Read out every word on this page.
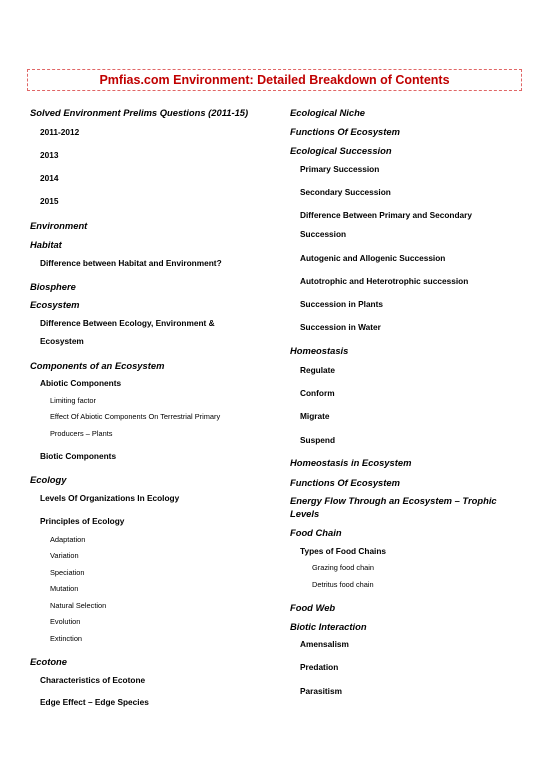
Pmfias.com Environment: Detailed Breakdown of Contents
Solved Environment Prelims Questions (2011-15)
2011-2012
2013
2014
2015
Environment
Habitat
Difference between Habitat and Environment?
Biosphere
Ecosystem
Difference Between Ecology, Environment &
Ecosystem
Components of an Ecosystem
Abiotic Components
Limiting factor
Effect Of Abiotic Components On Terrestrial Primary
Producers – Plants
Biotic Components
Ecology
Levels Of Organizations In Ecology
Principles of Ecology
Adaptation
Variation
Speciation
Mutation
Natural Selection
Evolution
Extinction
Ecotone
Characteristics of Ecotone
Edge Effect – Edge Species
Ecological Niche
Functions Of Ecosystem
Ecological Succession
Primary Succession
Secondary Succession
Difference Between Primary and Secondary
Succession
Autogenic and Allogenic Succession
Autotrophic and Heterotrophic succession
Succession in Plants
Succession in Water
Homeostasis
Regulate
Conform
Migrate
Suspend
Homeostasis in Ecosystem
Functions Of Ecosystem
Energy Flow Through an Ecosystem – Trophic
Levels
Food Chain
Types of Food Chains
Grazing food chain
Detritus food chain
Food Web
Biotic Interaction
Amensalism
Predation
Parasitism
